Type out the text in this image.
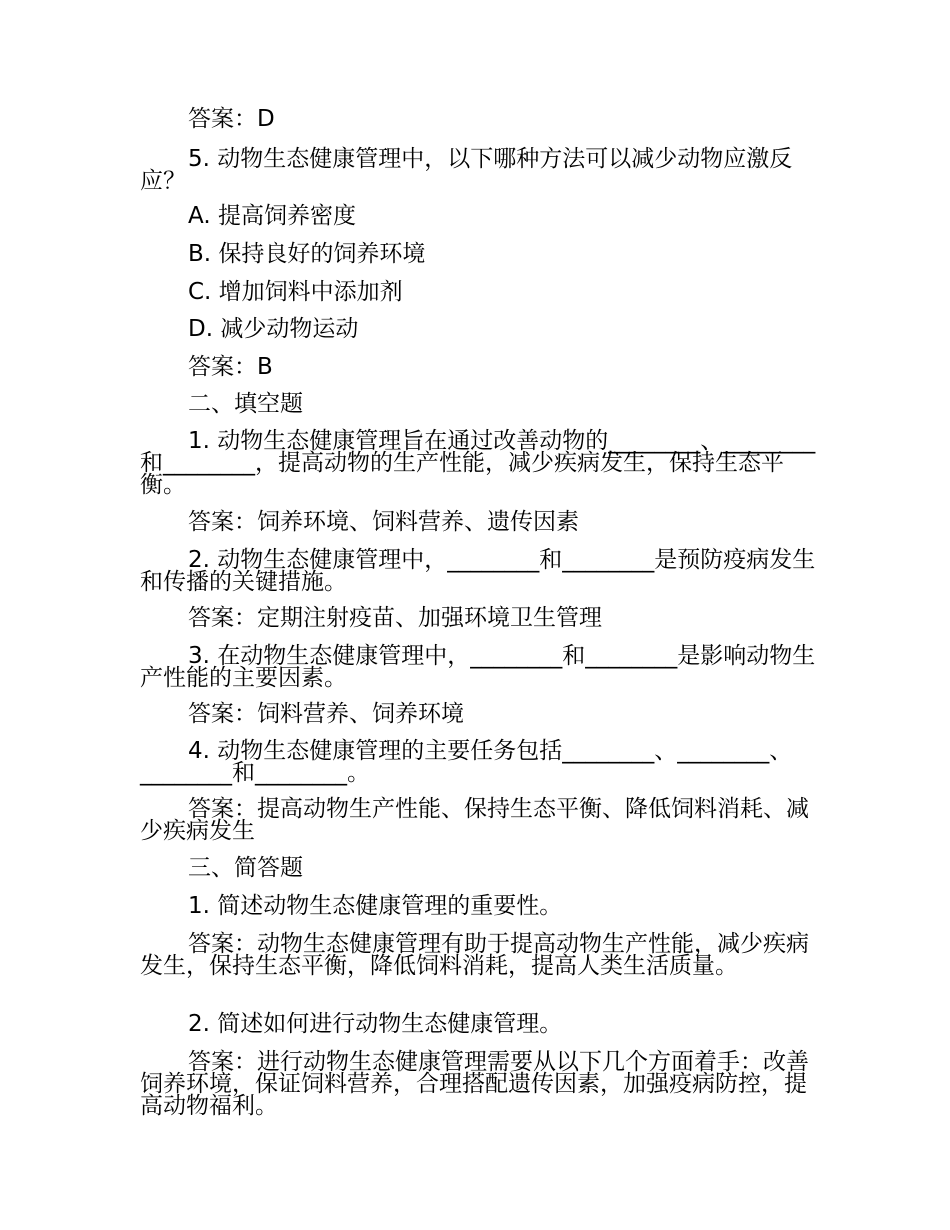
答案：D
5. 动物生态健康管理中，以下哪种方法可以减少动物应激反应？
A. 提高饲养密度
B. 保持良好的饲养环境
C. 增加饲料中添加剂
D. 减少动物运动
答案：B
二、填空题
1. 动物生态健康管理旨在通过改善动物的________、________和________，提高动物的生产性能，减少疾病发生，保持生态平衡。
答案：饲养环境、饲料营养、遗传因素
2. 动物生态健康管理中，________和________是预防疫病发生和传播的关键措施。
答案：定期注射疫苗、加强环境卫生管理
3. 在动物生态健康管理中，________和________是影响动物生产性能的主要因素。
答案：饲料营养、饲养环境
4. 动物生态健康管理的主要任务包括________、________、________和________。
答案：提高动物生产性能、保持生态平衡、降低饲料消耗、减少疾病发生
三、简答题
1. 简述动物生态健康管理的重要性。
答案：动物生态健康管理有助于提高动物生产性能，减少疾病发生，保持生态平衡，降低饲料消耗，提高人类生活质量。
2. 简述如何进行动物生态健康管理。
答案：进行动物生态健康管理需要从以下几个方面着手：改善饲养环境，保证饲料营养，合理搭配遗传因素，加强疫病防控，提高动物福利。
